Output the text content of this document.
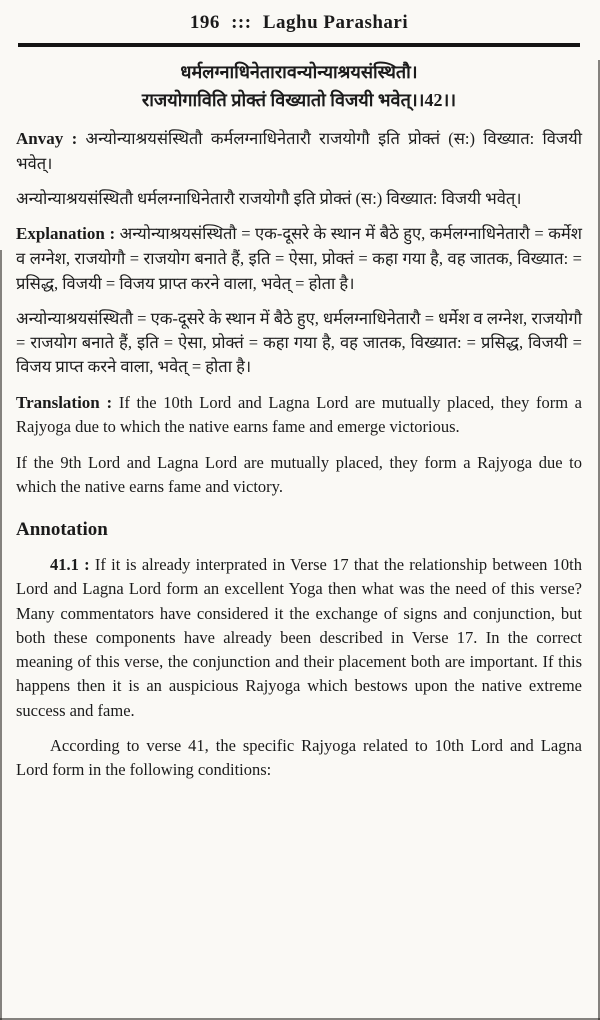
196 ::: Laghu Parashari
धर्मलग्नाधिनेतारावन्योन्याश्रयसंस्थितौ।
राजयोगाविति प्रोक्तं विख्यातो विजयी भवेत्।।42।।

Anvay : अन्योन्याश्रयसंस्थितौ कर्मलग्नाधिनेतारौ राजयोगौ इति प्रोक्तं (स:) विख्यात: विजयी भवेत्।

अन्योन्याश्रयसंस्थितौ धर्मलग्नाधिनेतारौ राजयोगौ इति प्रोक्तं (स:) विख्यात: विजयी भवेत्।

Explanation : अन्योन्याश्रयसंस्थितौ = एक-दूसरे के स्थान में बैठे हुए, कर्मलग्नाधिनेतारौ = कर्मेश व लग्नेश, राजयोगौ = राजयोग बनाते हैं, इति = ऐसा, प्रोक्तं = कहा गया है, वह जातक, विख्यात: = प्रसिद्ध, विजयी = विजय प्राप्त करने वाला, भवेत् = होता है।

अन्योन्याश्रयसंस्थितौ = एक-दूसरे के स्थान में बैठे हुए, धर्मलग्नाधिनेतारौ = धर्मेश व लग्नेश, राजयोगौ = राजयोग बनाते हैं, इति = ऐसा, प्रोक्तं = कहा गया है, वह जातक, विख्यात: = प्रसिद्ध, विजयी = विजय प्राप्त करने वाला, भवेत् = होता है।

Translation : If the 10th Lord and Lagna Lord are mutually placed, they form a Rajyoga due to which the native earns fame and emerge victorious.

If the 9th Lord and Lagna Lord are mutually placed, they form a Rajyoga due to which the native earns fame and victory.

Annotation

41.1 : If it is already interprated in Verse 17 that the relationship between 10th Lord and Lagna Lord form an excellent Yoga then what was the need of this verse? Many commentators have considered it the exchange of signs and conjunction, but both these components have already been described in Verse 17. In the correct meaning of this verse, the conjunction and their placement both are important. If this happens then it is an auspicious Rajyoga which bestows upon the native extreme success and fame.

According to verse 41, the specific Rajyoga related to 10th Lord and Lagna Lord form in the following conditions:
